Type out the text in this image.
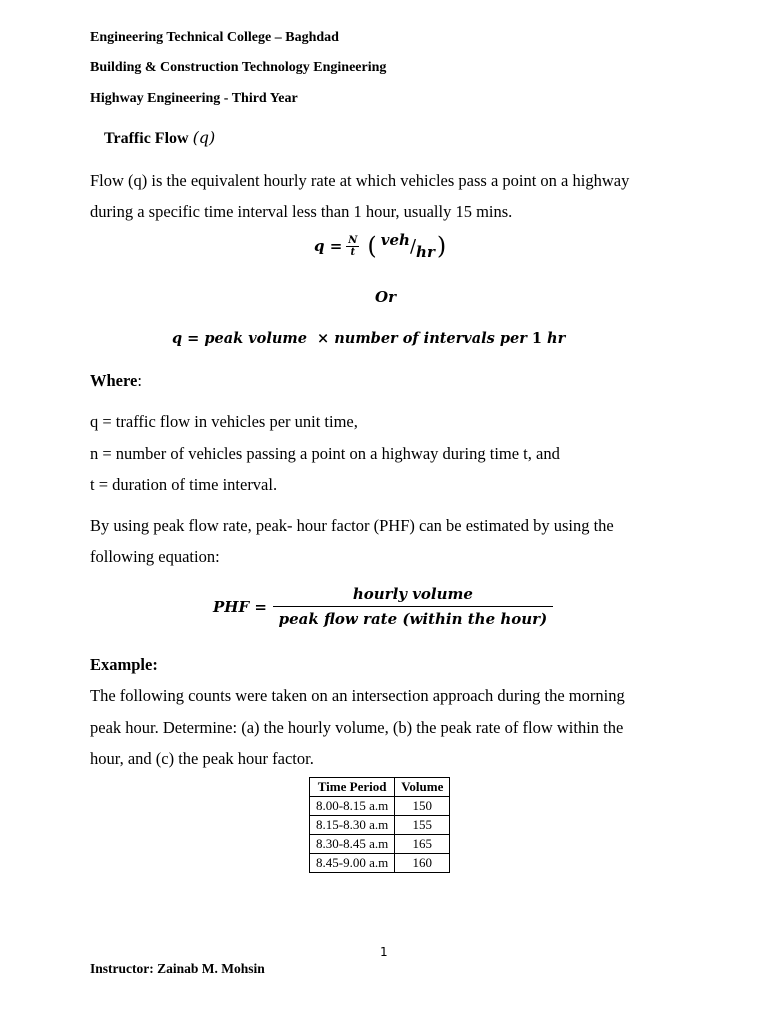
Engineering Technical College – Baghdad
Building & Construction Technology Engineering
Highway Engineering - Third Year
Traffic Flow (q)
Flow (q) is the equivalent hourly rate at which vehicles pass a point on a highway
during a specific time interval less than 1 hour, usually 15 mins.
$q = \frac{N}{t}$ ( veh / hr )
Or
q = peak volume  × number of intervals per 1 hr
Where:
q = traffic flow in vehicles per unit time,
n = number of vehicles passing a point on a highway during time t, and
t = duration of time interval.
By using peak flow rate, peak- hour factor (PHF) can be estimated by using the
following equation:
PHF = $\frac{\text{hourly volume}}{\text{peak flow rate (within the hour)}}$
Example:
The following counts were taken on an intersection approach during the morning
peak hour. Determine: (a) the hourly volume, (b) the peak rate of flow within the
hour, and (c) the peak hour factor.
Time Period	Volume
8.00-8.15 a.m	150
8.15-8.30 a.m	155
8.30-8.45 a.m	165
8.45-9.00 a.m	160
1
Instructor: Zainab M. Mohsin
